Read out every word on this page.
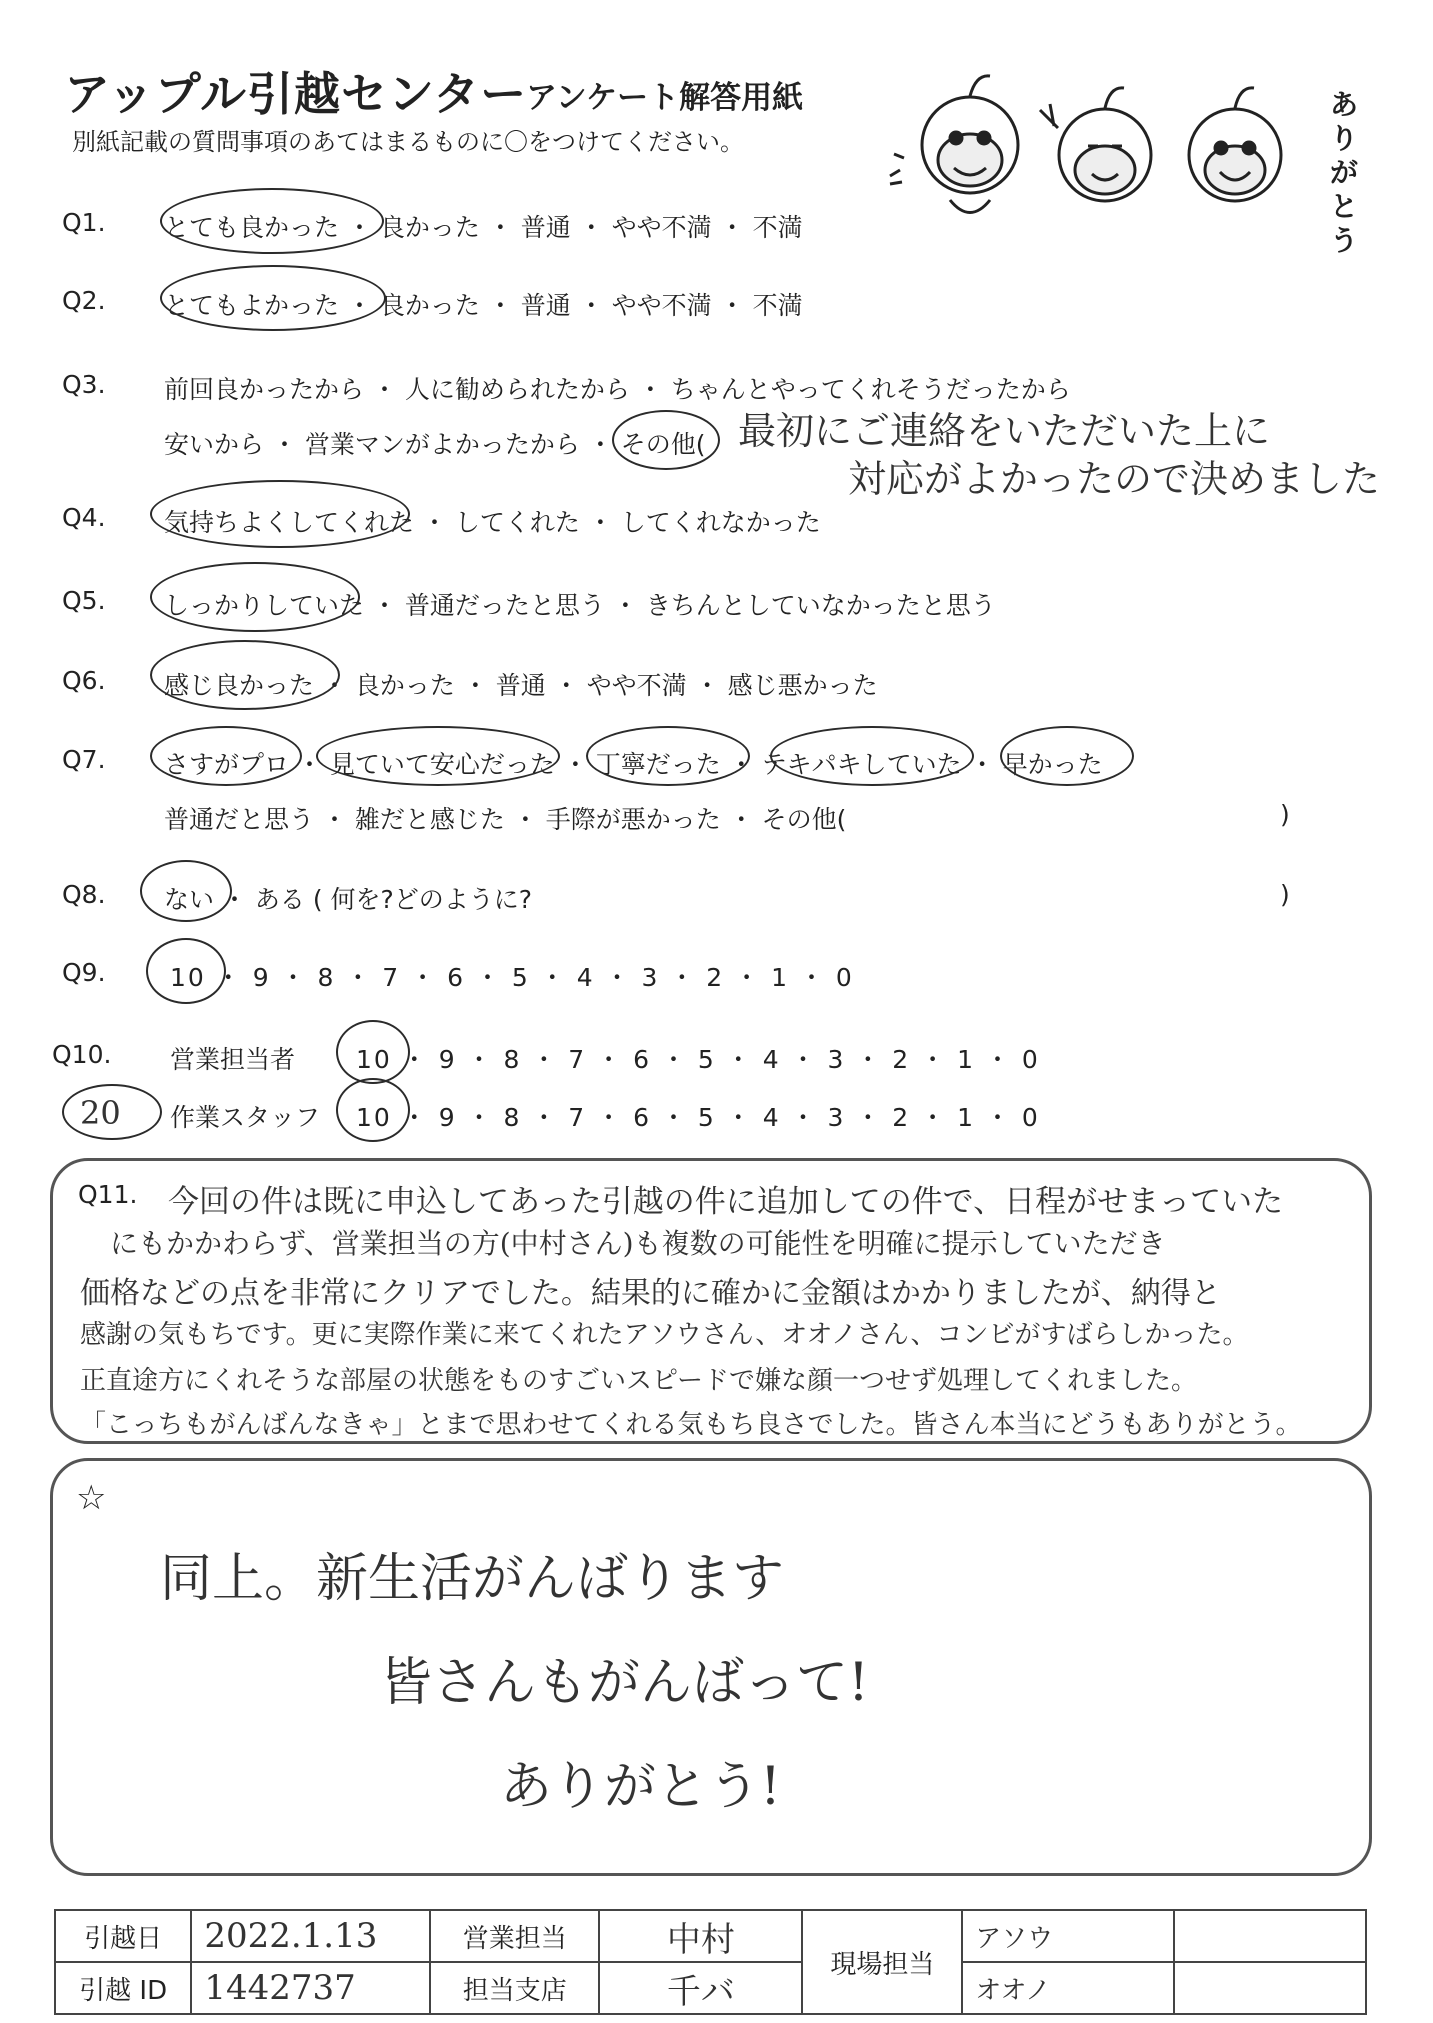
アップル引越センター
アンケート解答用紙
別紙記載の質問事項のあてはまるものに〇をつけてください。
ありがとう
Q1. とても良かった ・ 良かった ・ 普通 ・ やや不満 ・ 不満
Q2. とてもよかった ・ 良かった ・ 普通 ・ やや不満 ・ 不満
Q3. 前回良かったから ・ 人に勧められたから ・ ちゃんとやってくれそうだったから
安いから ・ 営業マンがよかったから ・ その他( 最初にご連絡をいただいた上に
対応がよかったので決めました
Q4. 気持ちよくしてくれた ・ してくれた ・ してくれなかった
Q5. しっかりしていた ・ 普通だったと思う ・ きちんとしていなかったと思う
Q6. 感じ良かった ・ 良かった ・ 普通 ・ やや不満 ・ 感じ悪かった
Q7. さすがプロ ・ 見ていて安心だった ・ 丁寧だった ・ テキパキしていた ・ 早かった
普通だと思う ・ 雑だと感じた ・ 手際が悪かった ・ その他(	)
Q8. ない ・ ある ( 何を?どのように?	)
Q9.	10 ・ 9 ・ 8 ・ 7 ・ 6 ・ 5 ・ 4 ・ 3 ・ 2 ・ 1 ・ 0
Q10. 営業担当者 10 ・ 9 ・ 8 ・ 7 ・ 6 ・ 5 ・ 4 ・ 3 ・ 2 ・ 1 ・ 0
作業スタッフ 10 ・ 9 ・ 8 ・ 7 ・ 6 ・ 5 ・ 4 ・ 3 ・ 2 ・ 1 ・ 0
20
Q11. 今回の件は既に申込してあった引越の件に追加しての件で、日程がせまっていた
にもかかわらず、営業担当の方(中村さん)も複数の可能性を明確に提示していただき
価格などの点を非常にクリアでした。結果的に確かに金額はかかりましたが、納得と
感謝の気もちです。更に実際作業に来てくれたアソウさん、オオノさん、コンビがすばらしかった。
正直途方にくれそうな部屋の状態をものすごいスピードで嫌な顔一つせず処理してくれました。
「こっちもがんばんなきゃ」とまで思わせてくれる気もち良さでした。皆さん本当にどうもありがとう。
☆
同上。新生活がんばります
皆さんもがんばって!
ありがとう!
引越日	2022.1.13	営業担当	中村	現場担当	アソウ	
引越 ID	1442737	担当支店	千バ		オオノ	
